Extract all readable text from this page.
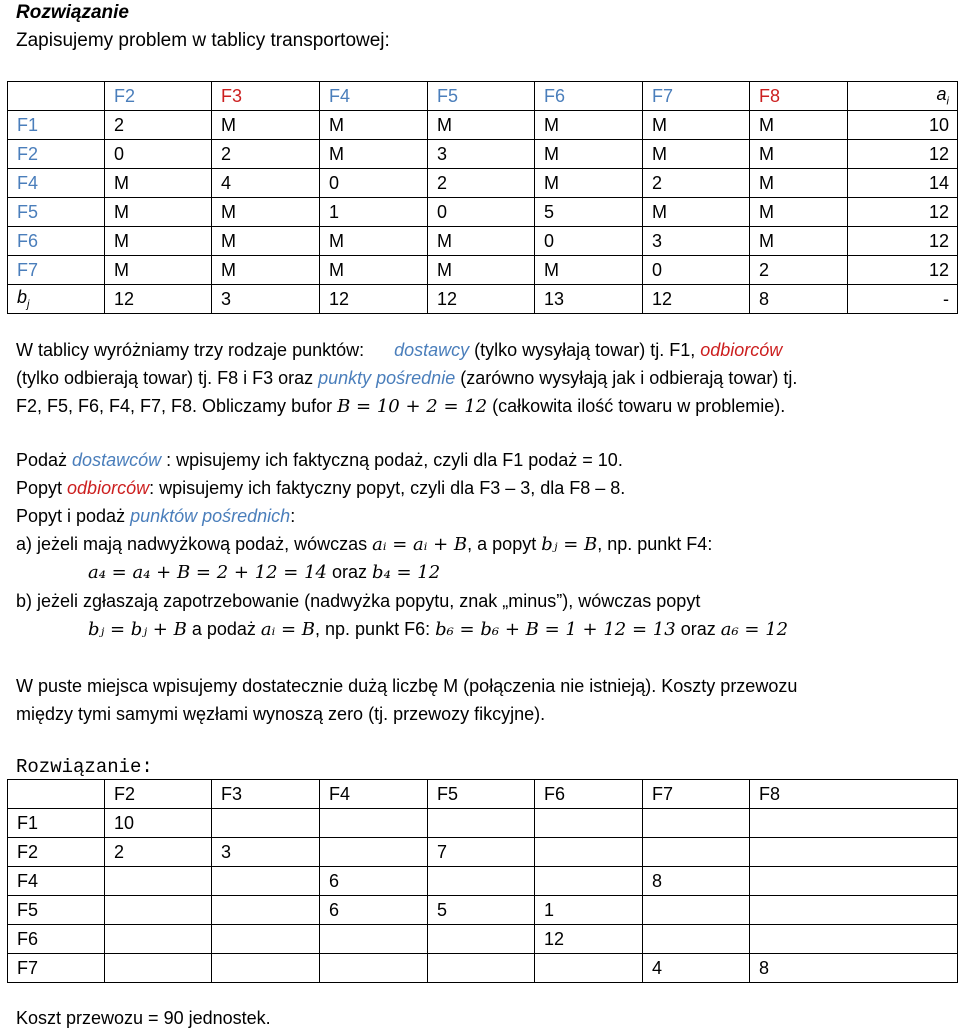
Rozwiązanie
Zapisujemy problem w tablicy transportowej:
	F2	F3	F4	F5	F6	F7	F8	$a_i$
F1	2	M	M	M	M	M	M	10
F2	0	2	M	3	M	M	M	12
F4	M	4	0	2	M	2	M	14
F5	M	M	1	0	5	M	M	12
F6	M	M	M	M	0	3	M	12
F7	M	M	M	M	M	0	2	12
$b_j$	12	3	12	12	13	12	8	-
W tablicy wyróżniamy trzy rodzaje punktów: dostawcy (tylko wysyłają towar) tj. F1, odbiorców
(tylko odbierają towar) tj. F8 i F3 oraz punkty pośrednie (zarówno wysyłają jak i odbierają towar) tj.
F2, F5, F6, F4, F7, F8. Obliczamy bufor B = 10 + 2 = 12 (całkowita ilość towaru w problemie).
Podaż dostawców : wpisujemy ich faktyczną podaż, czyli dla F1 podaż = 10.
Popyt odbiorców: wpisujemy ich faktyczny popyt, czyli dla F3 – 3, dla F8 – 8.
Popyt i podaż punktów pośrednich:
a) jeżeli mają nadwyżkową podaż, wówczas aᵢ = aᵢ + B, a popyt bⱼ = B, np. punkt F4:
a₄ = a₄ + B = 2 + 12 = 14 oraz b₄ = 12
b) jeżeli zgłaszają zapotrzebowanie (nadwyżka popytu, znak „minus”), wówczas popyt
bⱼ = bⱼ + B a podaż aᵢ = B, np. punkt F6: b₆ = b₆ + B = 1 + 12 = 13 oraz a₆ = 12
W puste miejsca wpisujemy dostatecznie dużą liczbę M (połączenia nie istnieją). Koszty przewozu
między tymi samymi węzłami wynoszą zero (tj. przewozy fikcyjne).
Rozwiązanie:
	F2	F3	F4	F5	F6	F7	F8
F1	10						
F2	2	3		7			
F4			6			8	
F5			6	5	1		
F6					12		
F7						4	8
Koszt przewozu = 90 jednostek.
